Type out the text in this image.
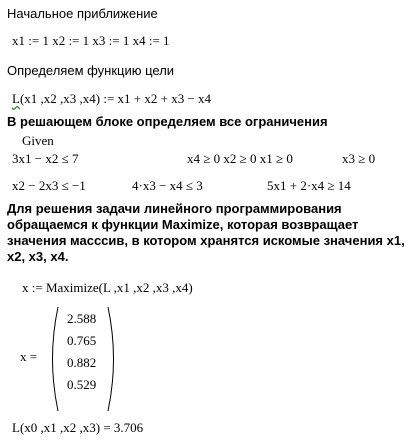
Начальное приближение
x1 := 1 x2 := 1 x3 := 1 x4 := 1
Определяем функцию цели
L(x1 ,x2 ,x3 ,x4) := x1 + x2 + x3 − x4
В решающем блоке определяем все ограничения
Given
3x1 − x2 ≤ 7	x4 ≥ 0 x2 ≥ 0 x1 ≥ 0	x3 ≥ 0
x2 − 2x3 ≤ −1	4·x3 − x4 ≤ 3	5x1 + 2·x4 ≥ 14
Для решения задачи линейного программирования обращаемся к функции Maximize, которая возвращает значения масссив, в котором хранятся искомые значения x1, x2, x3, x4.
x := Maximize(L ,x1 ,x2 ,x3 ,x4)
x =
2.588
0.765
0.882
0.529
L(x0 ,x1 ,x2 ,x3) = 3.706
